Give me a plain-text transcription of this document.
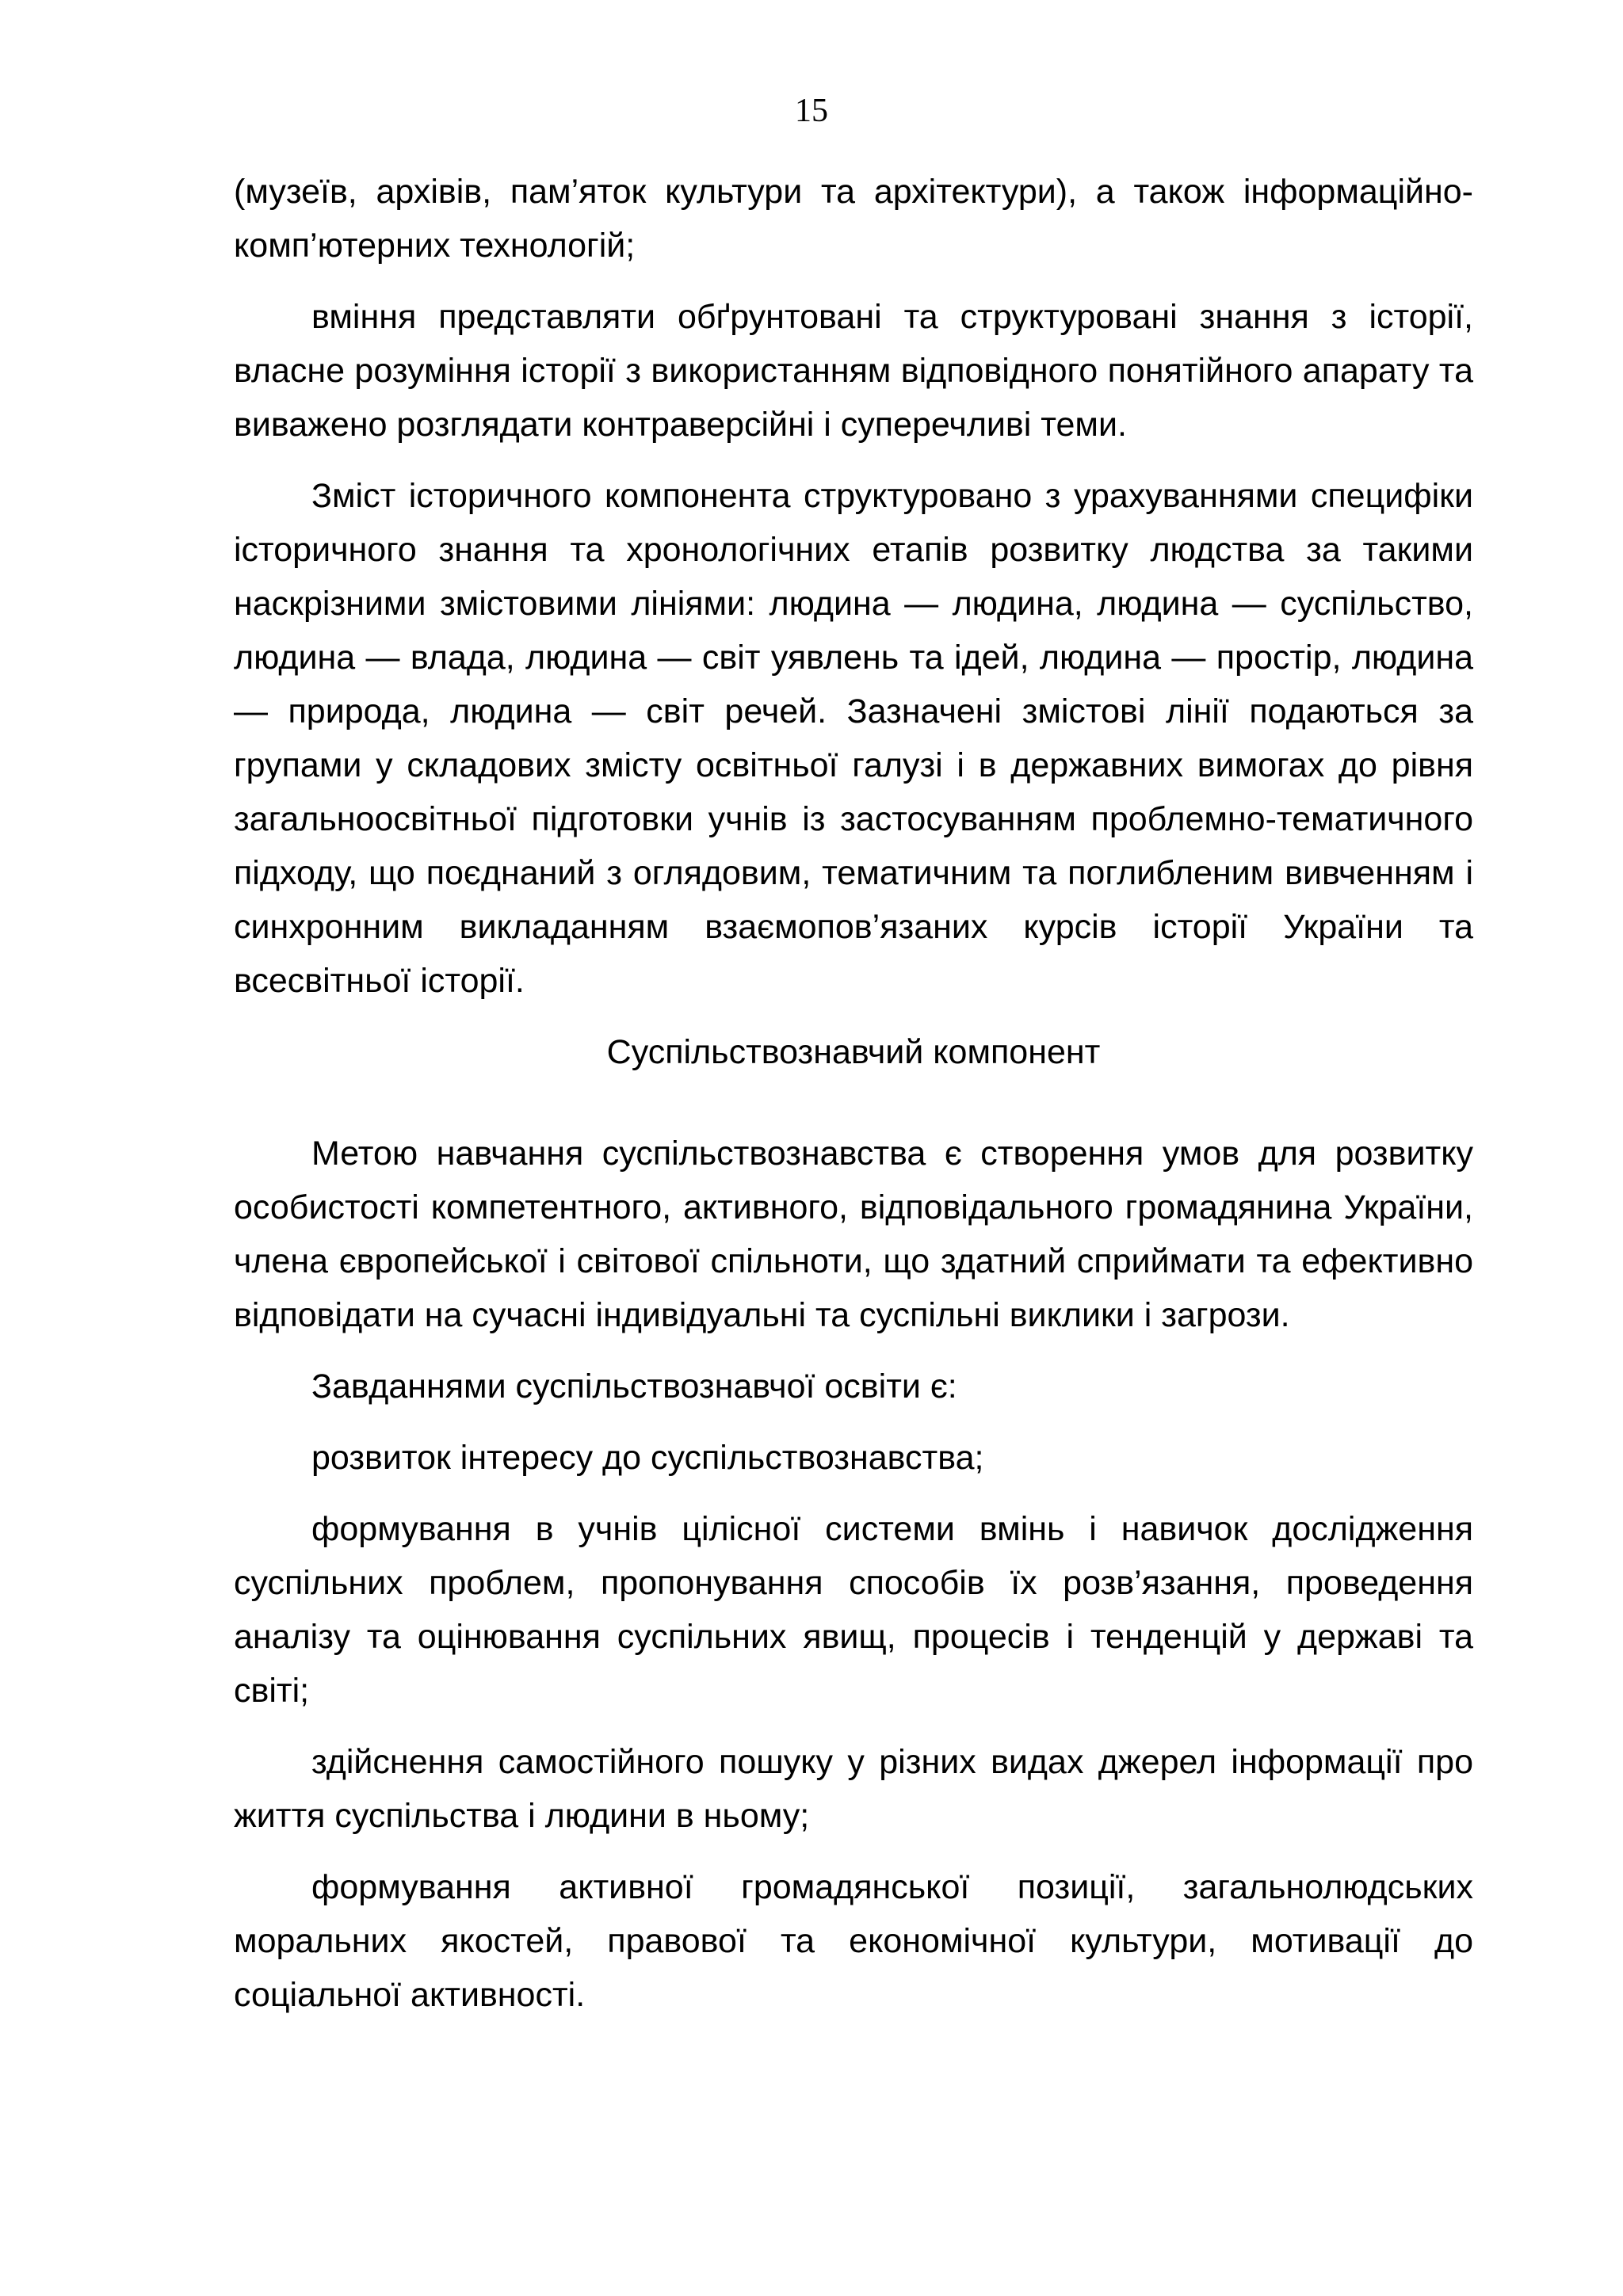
15

(музеїв, архівів, пам’яток культури та архітектури), а також інформаційно-комп’ютерних технологій;

вміння представляти обґрунтовані та структуровані знання з історії, власне розуміння історії з використанням відповідного понятійного апарату та виважено розглядати контраверсійні і суперечливі теми.

Зміст історичного компонента структуровано з урахуваннями специфіки історичного знання та хронологічних етапів розвитку людства за такими наскрізними змістовими лініями: людина — людина, людина — суспільство, людина — влада, людина — світ уявлень та ідей, людина — простір, людина — природа, людина — світ речей. Зазначені змістові лінії подаються за групами у складових змісту освітньої галузі і в державних вимогах до рівня загальноосвітньої підготовки учнів із застосуванням проблемно-тематичного підходу, що поєднаний з оглядовим, тематичним та поглибленим вивченням і синхронним викладанням взаємопов’язаних курсів історії України та всесвітньої історії.

Суспільствознавчий компонент

Метою навчання суспільствознавства є створення умов для розвитку особистості компетентного, активного, відповідального громадянина України, члена європейської і світової спільноти, що здатний сприймати та ефективно відповідати на сучасні індивідуальні та суспільні виклики і загрози.

Завданнями суспільствознавчої освіти є:

розвиток інтересу до суспільствознавства;

формування в учнів цілісної системи вмінь і навичок дослідження суспільних проблем, пропонування способів їх розв’язання, проведення аналізу та оцінювання суспільних явищ, процесів і тенденцій у державі та світі;

здійснення самостійного пошуку у різних видах джерел інформації про життя суспільства і людини в ньому;

формування активної громадянської позиції, загальнолюдських моральних якостей, правової та економічної культури, мотивації до соціальної активності.
